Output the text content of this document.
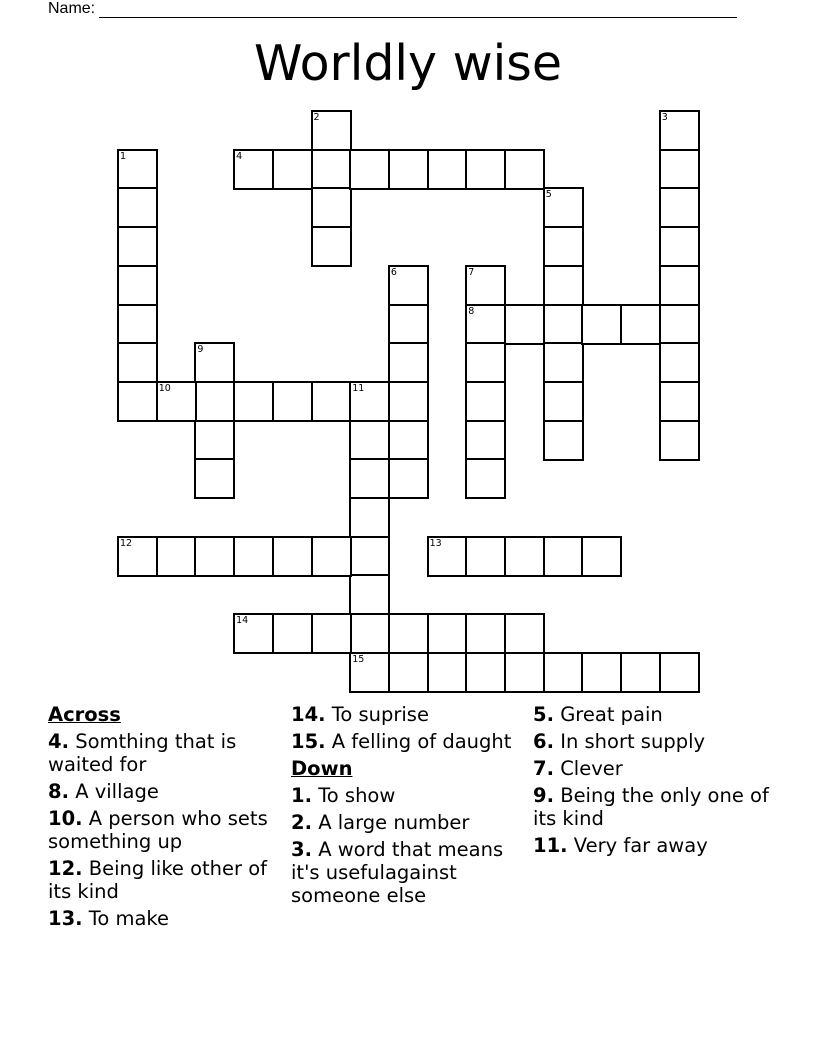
Name:
Worldly wise
1
2	3
4
5
6	7
8
9
10	11
12	13
14
15
Across
4. Somthing that is waited for
8. A village
10. A person who sets something up
12. Being like other of its kind
13. To make
14. To suprise
15. A felling of daught
Down
1. To show
2. A large number
3. A word that means it's usefulagainst someone else
5. Great pain
6. In short supply
7. Clever
9. Being the only one of its kind
11. Very far away
